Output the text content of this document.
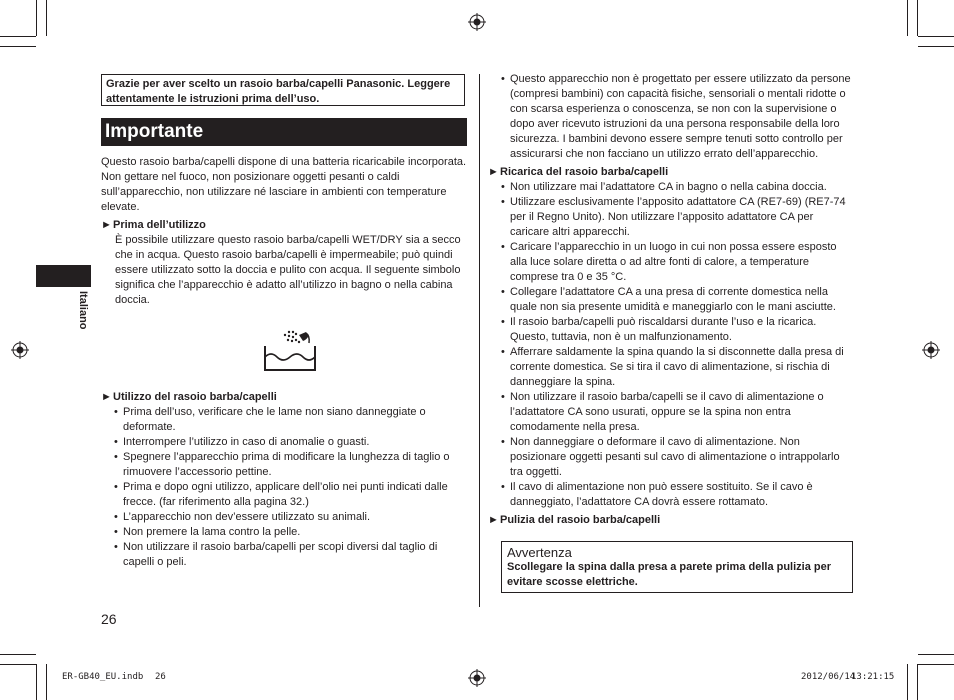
Italiano
Grazie per aver scelto un rasoio barba/capelli Panasonic. Leggere attentamente le istruzioni prima dell’uso.
Importante

Questo rasoio barba/capelli dispone di una batteria ricaricabile incorporata. Non gettare nel fuoco, non posizionare oggetti pesanti o caldi sull’apparecchio, non utilizzare né lasciare in ambienti con temperature elevate.

►Prima dell’utilizzo

È possibile utilizzare questo rasoio barba/capelli WET/DRY sia a secco che in acqua. Questo rasoio barba/capelli è impermeabile; può quindi essere utilizzato sotto la doccia e pulito con acqua. Il seguente simbolo significa che l’apparecchio è adatto all’utilizzo in bagno o nella cabina doccia.

►Utilizzo del rasoio barba/capelli

• Prima dell’uso, verificare che le lame non siano danneggiate o deformate.
• Interrompere l’utilizzo in caso di anomalie o guasti.
• Spegnere l’apparecchio prima di modificare la lunghezza di taglio o rimuovere l’accessorio pettine.
• Prima e dopo ogni utilizzo, applicare dell’olio nei punti indicati dalle frecce. (far riferimento alla pagina 32.)
• L’apparecchio non dev’essere utilizzato su animali.
• Non premere la lama contro la pelle.
• Non utilizzare il rasoio barba/capelli per scopi diversi dal taglio di capelli o peli.
• Questo apparecchio non è progettato per essere utilizzato da persone (compresi bambini) con capacità fisiche, sensoriali o mentali ridotte o con scarsa esperienza o conoscenza, se non con la supervisione o dopo aver ricevuto istruzioni da una persona responsabile della loro sicurezza. I bambini devono essere sempre tenuti sotto controllo per assicurarsi che non facciano un utilizzo errato dell’apparecchio.

►Ricarica del rasoio barba/capelli

• Non utilizzare mai l’adattatore CA in bagno o nella cabina doccia.
• Utilizzare esclusivamente l’apposito adattatore CA (RE7-69) (RE7-74 per il Regno Unito). Non utilizzare l’apposito adattatore CA per caricare altri apparecchi.
• Caricare l’apparecchio in un luogo in cui non possa essere esposto alla luce solare diretta o ad altre fonti di calore, a temperature comprese tra 0 e 35 °C.
• Collegare l’adattatore CA a una presa di corrente domestica nella quale non sia presente umidità e maneggiarlo con le mani asciutte.
• Il rasoio barba/capelli può riscaldarsi durante l’uso e la ricarica. Questo, tuttavia, non è un malfunzionamento.
• Afferrare saldamente la spina quando la si disconnette dalla presa di corrente domestica. Se si tira il cavo di alimentazione, si rischia di danneggiare la spina.
• Non utilizzare il rasoio barba/capelli se il cavo di alimentazione o l’adattatore CA sono usurati, oppure se la spina non entra comodamente nella presa.
• Non danneggiare o deformare il cavo di alimentazione. Non posizionare oggetti pesanti sul cavo di alimentazione o intrappolarlo tra oggetti.
• Il cavo di alimentazione non può essere sostituito. Se il cavo è danneggiato, l’adattatore CA dovrà essere rottamato.

►Pulizia del rasoio barba/capelli

Avvertenza

Scollegare la spina dalla presa a parete prima della pulizia per evitare scosse elettriche.

26
ER-GB40_EU.indb 26	2012/06/14
13:21:15
